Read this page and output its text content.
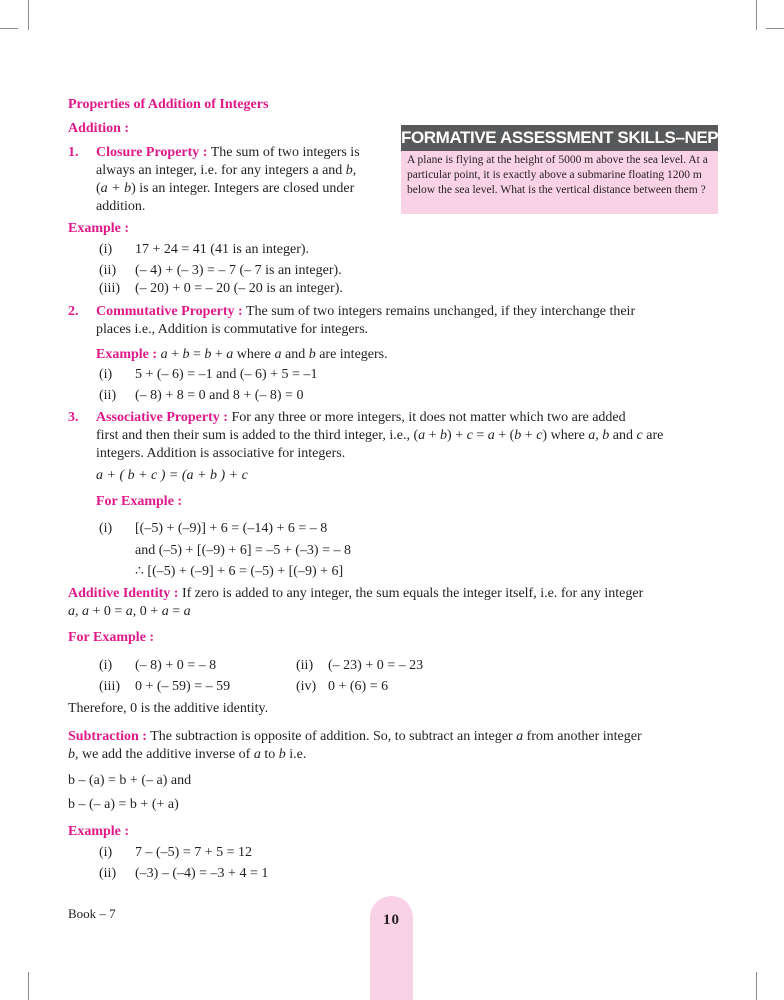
Properties of Addition of Integers
Addition :
1. Closure Property : The sum of two integers is
always an integer, i.e. for any integers a and b,
(a + b) is an integer. Integers are closed under
addition.
FORMATIVE ASSESSMENT SKILLS–NEP 2020
A plane is flying at the height of 5000 m above the sea level. At a particular point, it is exactly above a submarine floating 1200 m below the sea level. What is the vertical distance between them ?
Example :
(i) 17 + 24 = 41 (41 is an integer).
(ii) (– 4) + (– 3) = – 7 (– 7 is an integer).
(iii) (– 20) + 0 = – 20 (– 20 is an integer).
2. Commutative Property : The sum of two integers remains unchanged, if they interchange their
places i.e., Addition is commutative for integers.
Example : a + b = b + a where a and b are integers.
(i) 5 + (– 6) = –1 and (– 6) + 5 = –1
(ii) (– 8) + 8 = 0 and 8 + (– 8) = 0
3. Associative Property : For any three or more integers, it does not matter which two are added
first and then their sum is added to the third integer, i.e., (a + b) + c = a + (b + c) where a, b and c are
integers. Addition is associative for integers.
a + ( b + c ) = (a + b ) + c
For Example :
(i) [(–5) + (–9)] + 6 = (–14) + 6 = – 8
and (–5) + [(–9) + 6] = –5 + (–3) = – 8
∴ [(–5) + (–9] + 6 = (–5) + [(–9) + 6]
Additive Identity : If zero is added to any integer, the sum equals the integer itself, i.e. for any integer
a, a + 0 = a, 0 + a = a
For Example :
(i) (– 8) + 0 = – 8	(ii) (– 23) + 0 = – 23
(iii) 0 + (– 59) = – 59	(iv) 0 + (6) = 6
Therefore, 0 is the additive identity.
Subtraction : The subtraction is opposite of addition. So, to subtract an integer a from another integer
b, we add the additive inverse of a to b i.e.
b – (a) = b + (– a) and
b – (– a) = b + (+ a)
Example :
(i) 7 – (–5) = 7 + 5 = 12
(ii) (–3) – (–4) = –3 + 4 = 1
Book – 7	10
